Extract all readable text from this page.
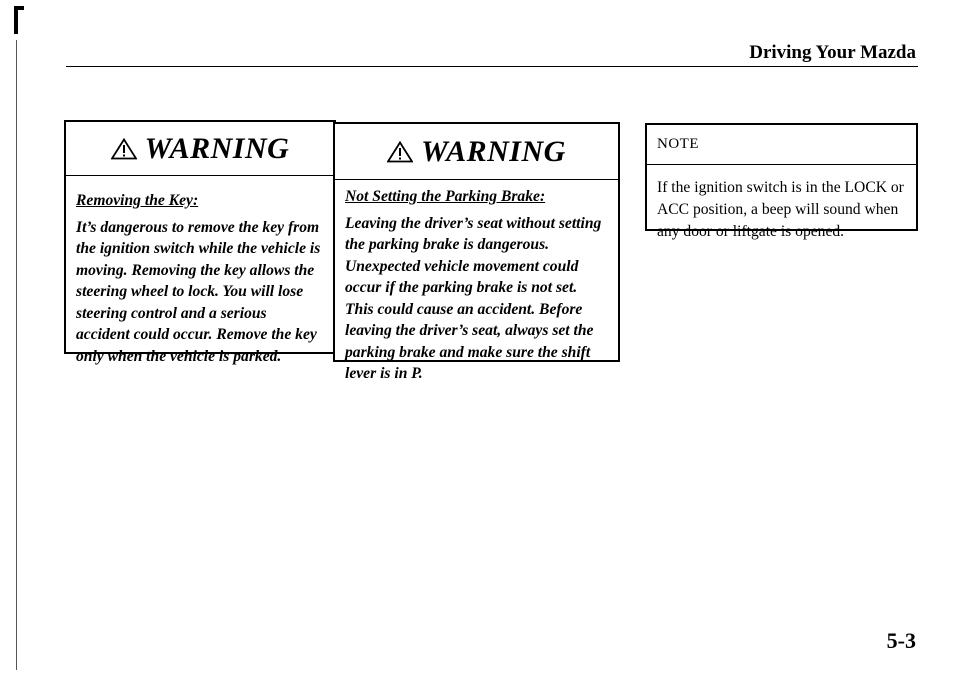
Driving Your Mazda
WARNING
Removing the Key:
It’s dangerous to remove the key from the ignition switch while the vehicle is moving. Removing the key allows the steering wheel to lock. You will lose steering control and a serious accident could occur. Remove the key only when the vehicle is parked.
WARNING
Not Setting the Parking Brake:
Leaving the driver’s seat without setting the parking brake is dangerous. Unexpected vehicle movement could occur if the parking brake is not set. This could cause an accident. Before leaving the driver’s seat, always set the parking brake and make sure the shift lever is in P.
NOTE
If the ignition switch is in the LOCK or ACC position, a beep will sound when any door or liftgate is opened.
5-3
